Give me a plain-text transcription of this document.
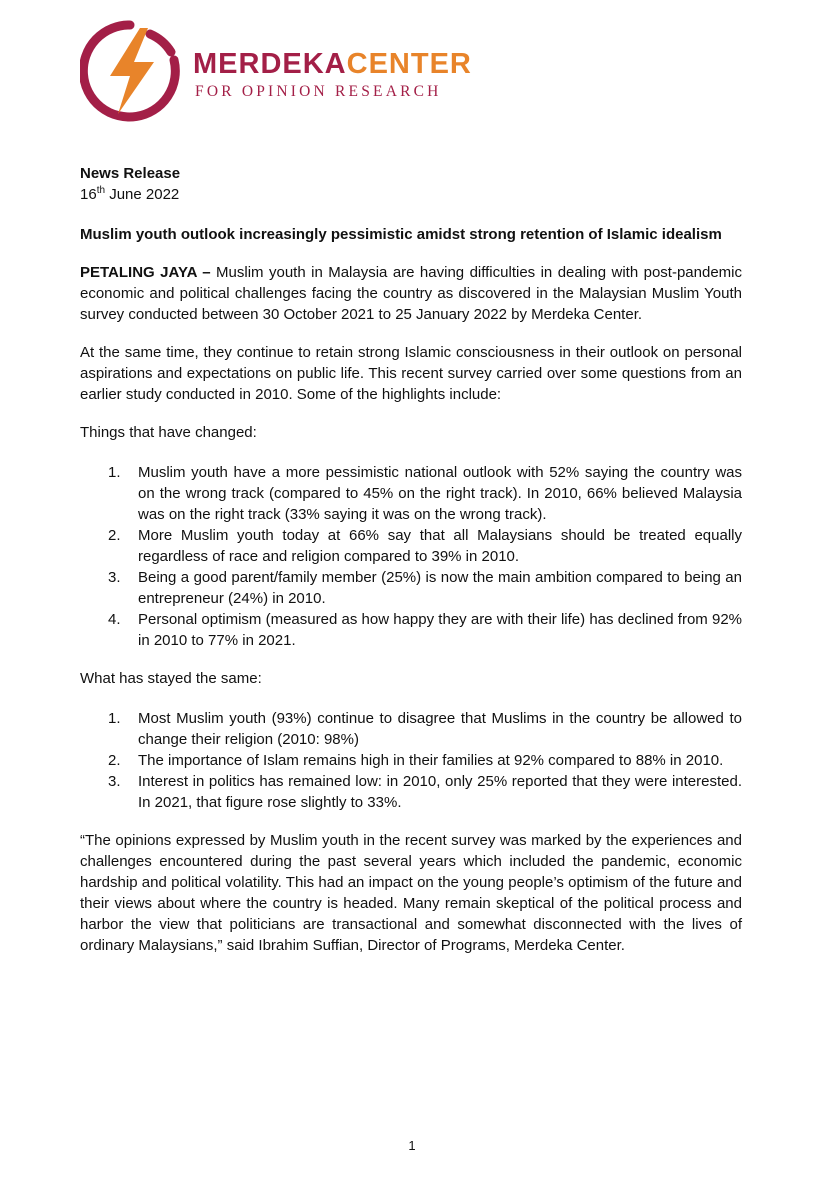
MERDEKACENTER
FOR OPINION RESEARCH
News Release
16th June 2022
Muslim youth outlook increasingly pessimistic amidst strong retention of Islamic idealism
PETALING JAYA – Muslim youth in Malaysia are having difficulties in dealing with post-pandemic economic and political challenges facing the country as discovered in the Malaysian Muslim Youth survey conducted between 30 October 2021 to 25 January 2022 by Merdeka Center.
At the same time, they continue to retain strong Islamic consciousness in their outlook on personal aspirations and expectations on public life. This recent survey carried over some questions from an earlier study conducted in 2010. Some of the highlights include:
Things that have changed:
1. Muslim youth have a more pessimistic national outlook with 52% saying the country was on the wrong track (compared to 45% on the right track). In 2010, 66% believed Malaysia was on the right track (33% saying it was on the wrong track).
2. More Muslim youth today at 66% say that all Malaysians should be treated equally regardless of race and religion compared to 39% in 2010.
3. Being a good parent/family member (25%) is now the main ambition compared to being an entrepreneur (24%) in 2010.
4. Personal optimism (measured as how happy they are with their life) has declined from 92% in 2010 to 77% in 2021.
What has stayed the same:
1. Most Muslim youth (93%) continue to disagree that Muslims in the country be allowed to change their religion (2010: 98%)
2. The importance of Islam remains high in their families at 92% compared to 88% in 2010.
3. Interest in politics has remained low: in 2010, only 25% reported that they were interested. In 2021, that figure rose slightly to 33%.
“The opinions expressed by Muslim youth in the recent survey was marked by the experiences and challenges encountered during the past several years which included the pandemic, economic hardship and political volatility. This had an impact on the young people’s optimism of the future and their views about where the country is headed. Many remain skeptical of the political process and harbor the view that politicians are transactional and somewhat disconnected with the lives of ordinary Malaysians,” said Ibrahim Suffian, Director of Programs, Merdeka Center.
1
